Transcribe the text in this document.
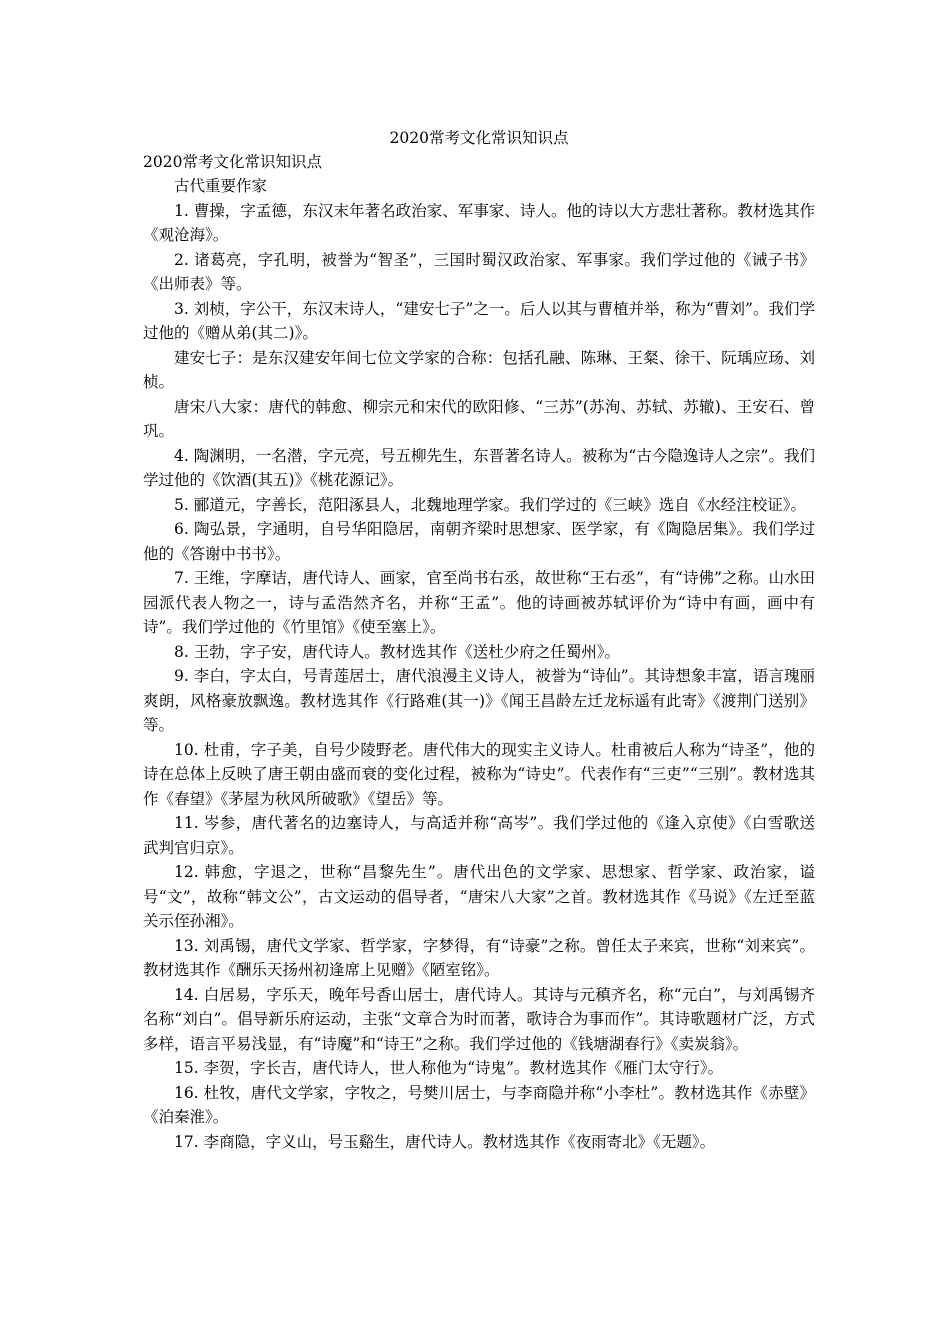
2020常考文化常识知识点

2020常考文化常识知识点

古代重要作家

1. 曹操，字孟德，东汉末年著名政治家、军事家、诗人。他的诗以大方悲壮著称。教材选其作《观沧海》。

2. 诸葛亮，字孔明，被誉为“智圣”，三国时蜀汉政治家、军事家。我们学过他的《诫子书》《出师表》等。

3. 刘桢，字公干，东汉末诗人，“建安七子”之一。后人以其与曹植并举，称为“曹刘”。我们学过他的《赠从弟(其二)》。

建安七子：是东汉建安年间七位文学家的合称：包括孔融、陈琳、王粲、徐干、阮瑀应玚、刘桢。

唐宋八大家：唐代的韩愈、柳宗元和宋代的欧阳修、“三苏”(苏洵、苏轼、苏辙)、王安石、曾巩。

4. 陶渊明，一名潜，字元亮，号五柳先生，东晋著名诗人。被称为“古今隐逸诗人之宗”。我们学过他的《饮酒(其五)》《桃花源记》。

5. 郦道元，字善长，范阳涿县人，北魏地理学家。我们学过的《三峡》选自《水经注校证》。

6. 陶弘景，字通明，自号华阳隐居，南朝齐梁时思想家、医学家，有《陶隐居集》。我们学过他的《答谢中书书》。

7. 王维，字摩诘，唐代诗人、画家，官至尚书右丞，故世称“王右丞”，有“诗佛”之称。山水田园派代表人物之一，诗与孟浩然齐名，并称“王孟”。他的诗画被苏轼评价为“诗中有画，画中有诗”。我们学过他的《竹里馆》《使至塞上》。

8. 王勃，字子安，唐代诗人。教材选其作《送杜少府之任蜀州》。

9. 李白，字太白，号青莲居士，唐代浪漫主义诗人，被誉为“诗仙”。其诗想象丰富，语言瑰丽爽朗，风格豪放飘逸。教材选其作《行路难(其一)》《闻王昌龄左迁龙标遥有此寄》《渡荆门送别》等。

10. 杜甫，字子美，自号少陵野老。唐代伟大的现实主义诗人。杜甫被后人称为“诗圣”，他的诗在总体上反映了唐王朝由盛而衰的变化过程，被称为“诗史”。代表作有“三吏”“三别”。教材选其作《春望》《茅屋为秋风所破歌》《望岳》等。

11. 岑参，唐代著名的边塞诗人，与高适并称“高岑”。我们学过他的《逢入京使》《白雪歌送武判官归京》。

12. 韩愈，字退之，世称“昌黎先生”。唐代出色的文学家、思想家、哲学家、政治家，谥号“文”，故称“韩文公”，古文运动的倡导者，“唐宋八大家”之首。教材选其作《马说》《左迁至蓝关示侄孙湘》。

13. 刘禹锡，唐代文学家、哲学家，字梦得，有“诗豪”之称。曾任太子来宾，世称“刘来宾”。教材选其作《酬乐天扬州初逢席上见赠》《陋室铭》。

14. 白居易，字乐天，晚年号香山居士，唐代诗人。其诗与元稹齐名，称“元白”，与刘禹锡齐名称“刘白”。倡导新乐府运动，主张“文章合为时而著，歌诗合为事而作”。其诗歌题材广泛，方式多样，语言平易浅显，有“诗魔”和“诗王”之称。我们学过他的《钱塘湖春行》《卖炭翁》。

15. 李贺，字长吉，唐代诗人，世人称他为“诗鬼”。教材选其作《雁门太守行》。

16. 杜牧，唐代文学家，字牧之，号樊川居士，与李商隐并称“小李杜”。教材选其作《赤壁》《泊秦淮》。

17. 李商隐，字义山，号玉谿生，唐代诗人。教材选其作《夜雨寄北》《无题》。
